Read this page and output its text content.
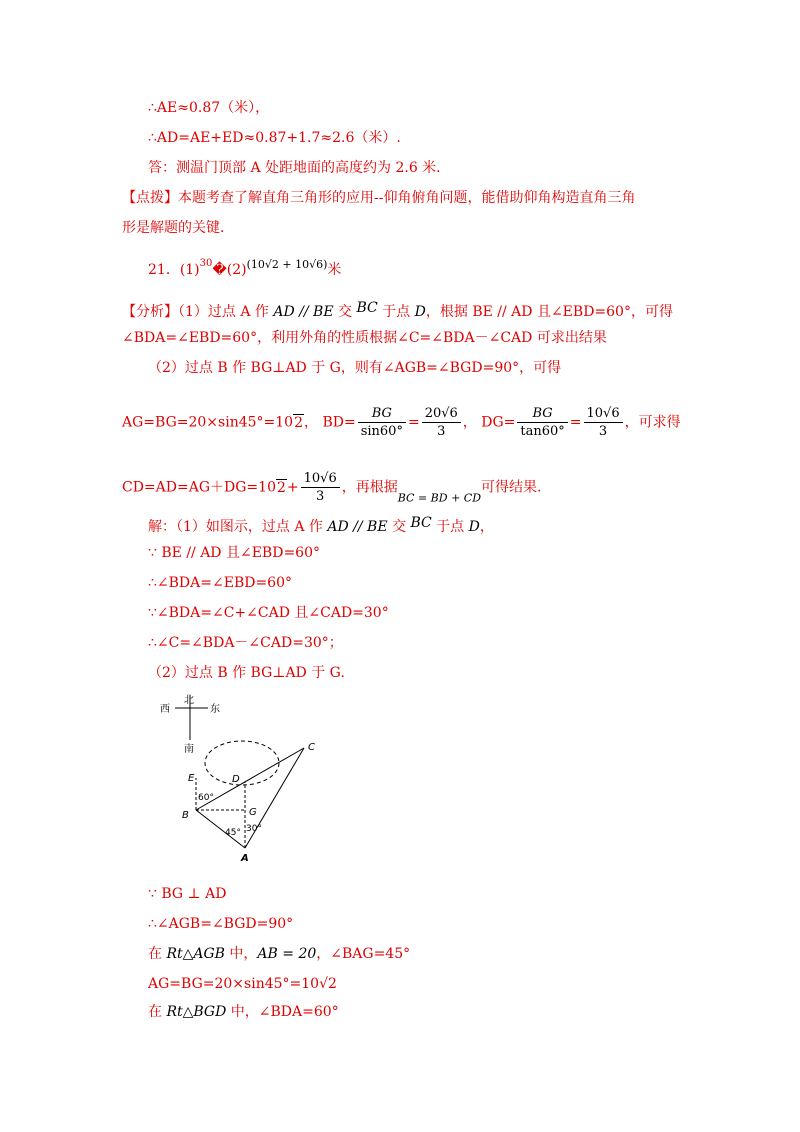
∴AE≈0.87（米），
∴AD=AE+ED≈0.87+1.7≈2.6（米）.
答：测温门顶部 A 处距地面的高度约为 2.6 米.
【点拨】本题考查了解直角三角形的应用--仰角俯角问题，能借助仰角构造直角三角
形是解题的关键.
21．$(1)^{30}�(2)^{(10√2 + 10√6)}$米
【分析】（1）过点 A 作 AD // BE 交 BC 于点 D，根据 BE // AD 且∠EBD=60°，可得
∠BDA=∠EBD=60°，利用外角的性质根据∠C=∠BDA－∠CAD 可求出结果
（2）过点 B 作 BG⊥AD 于 G，则有∠AGB=∠BGD=90°，可得
AG=BG=20×sin45°=102， $BD= \frac{BG}{\sin 60^\circ} = \frac{20√6}{3}$ ， $DG= \frac{BG}{\tan 60^\circ} = \frac{10√6}{3}$ ，可求得
$CD=AD=AG+DG=102+ \frac{10√6}{3}$ ，再根据$_{BC = BD + CD}$可得结果.
解：（1）如图示，过点 A 作 AD // BE 交 BC 于点 D，
∵ BE // AD 且∠EBD=60°
∴∠BDA=∠EBD=60°
∵∠BDA=∠C+∠CAD 且∠CAD=30°
∴∠C=∠BDA－∠CAD=30°；
（2）过点 B 作 BG⊥AD 于 G.
北
南
西	东
C
D
E
B	G
A
60°
45° 30°
∵ BG ⊥ AD
∴∠AGB=∠BGD=90°
在 Rt△AGB 中，AB = 20，∠BAG=45°
AG=BG=20×sin45°=10√2
在 Rt△BGD 中，∠BDA=60°
